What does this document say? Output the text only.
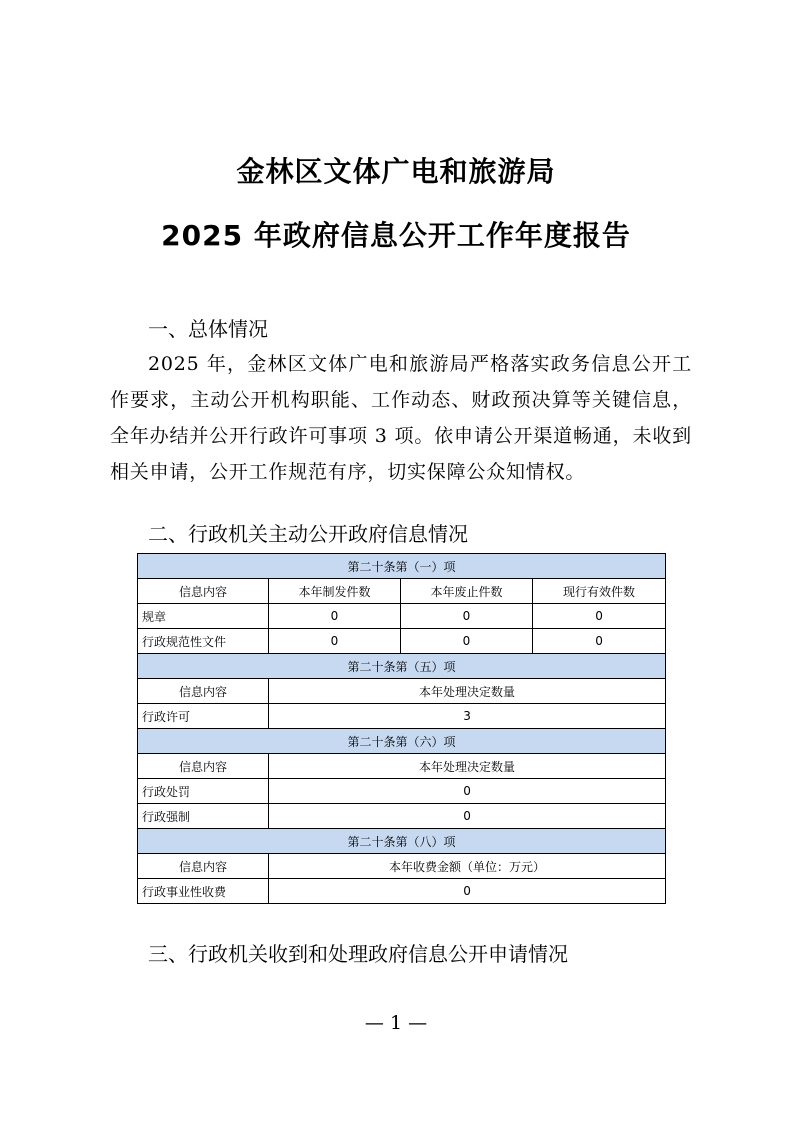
金林区文体广电和旅游局
2025 年政府信息公开工作年度报告
一、总体情况
2025 年，金林区文体广电和旅游局严格落实政务信息公开工作要求，主动公开机构职能、工作动态、财政预决算等关键信息，全年办结并公开行政许可事项 3 项。依申请公开渠道畅通，未收到相关申请，公开工作规范有序，切实保障公众知情权。
二、行政机关主动公开政府信息情况
第二十条第（一）项			
信息内容	本年制发件数	本年废止件数	现行有效件数
规章	0	0	0
行政规范性文件	0	0	0
第二十条第（五）项			
信息内容	本年处理决定数量		
行政许可	3		
第二十条第（六）项			
信息内容	本年处理决定数量		
行政处罚	0		
行政强制	0		
第二十条第（八）项			
信息内容	本年收费金额（单位：万元）		
行政事业性收费	0		
三、行政机关收到和处理政府信息公开申请情况
— 1 —
